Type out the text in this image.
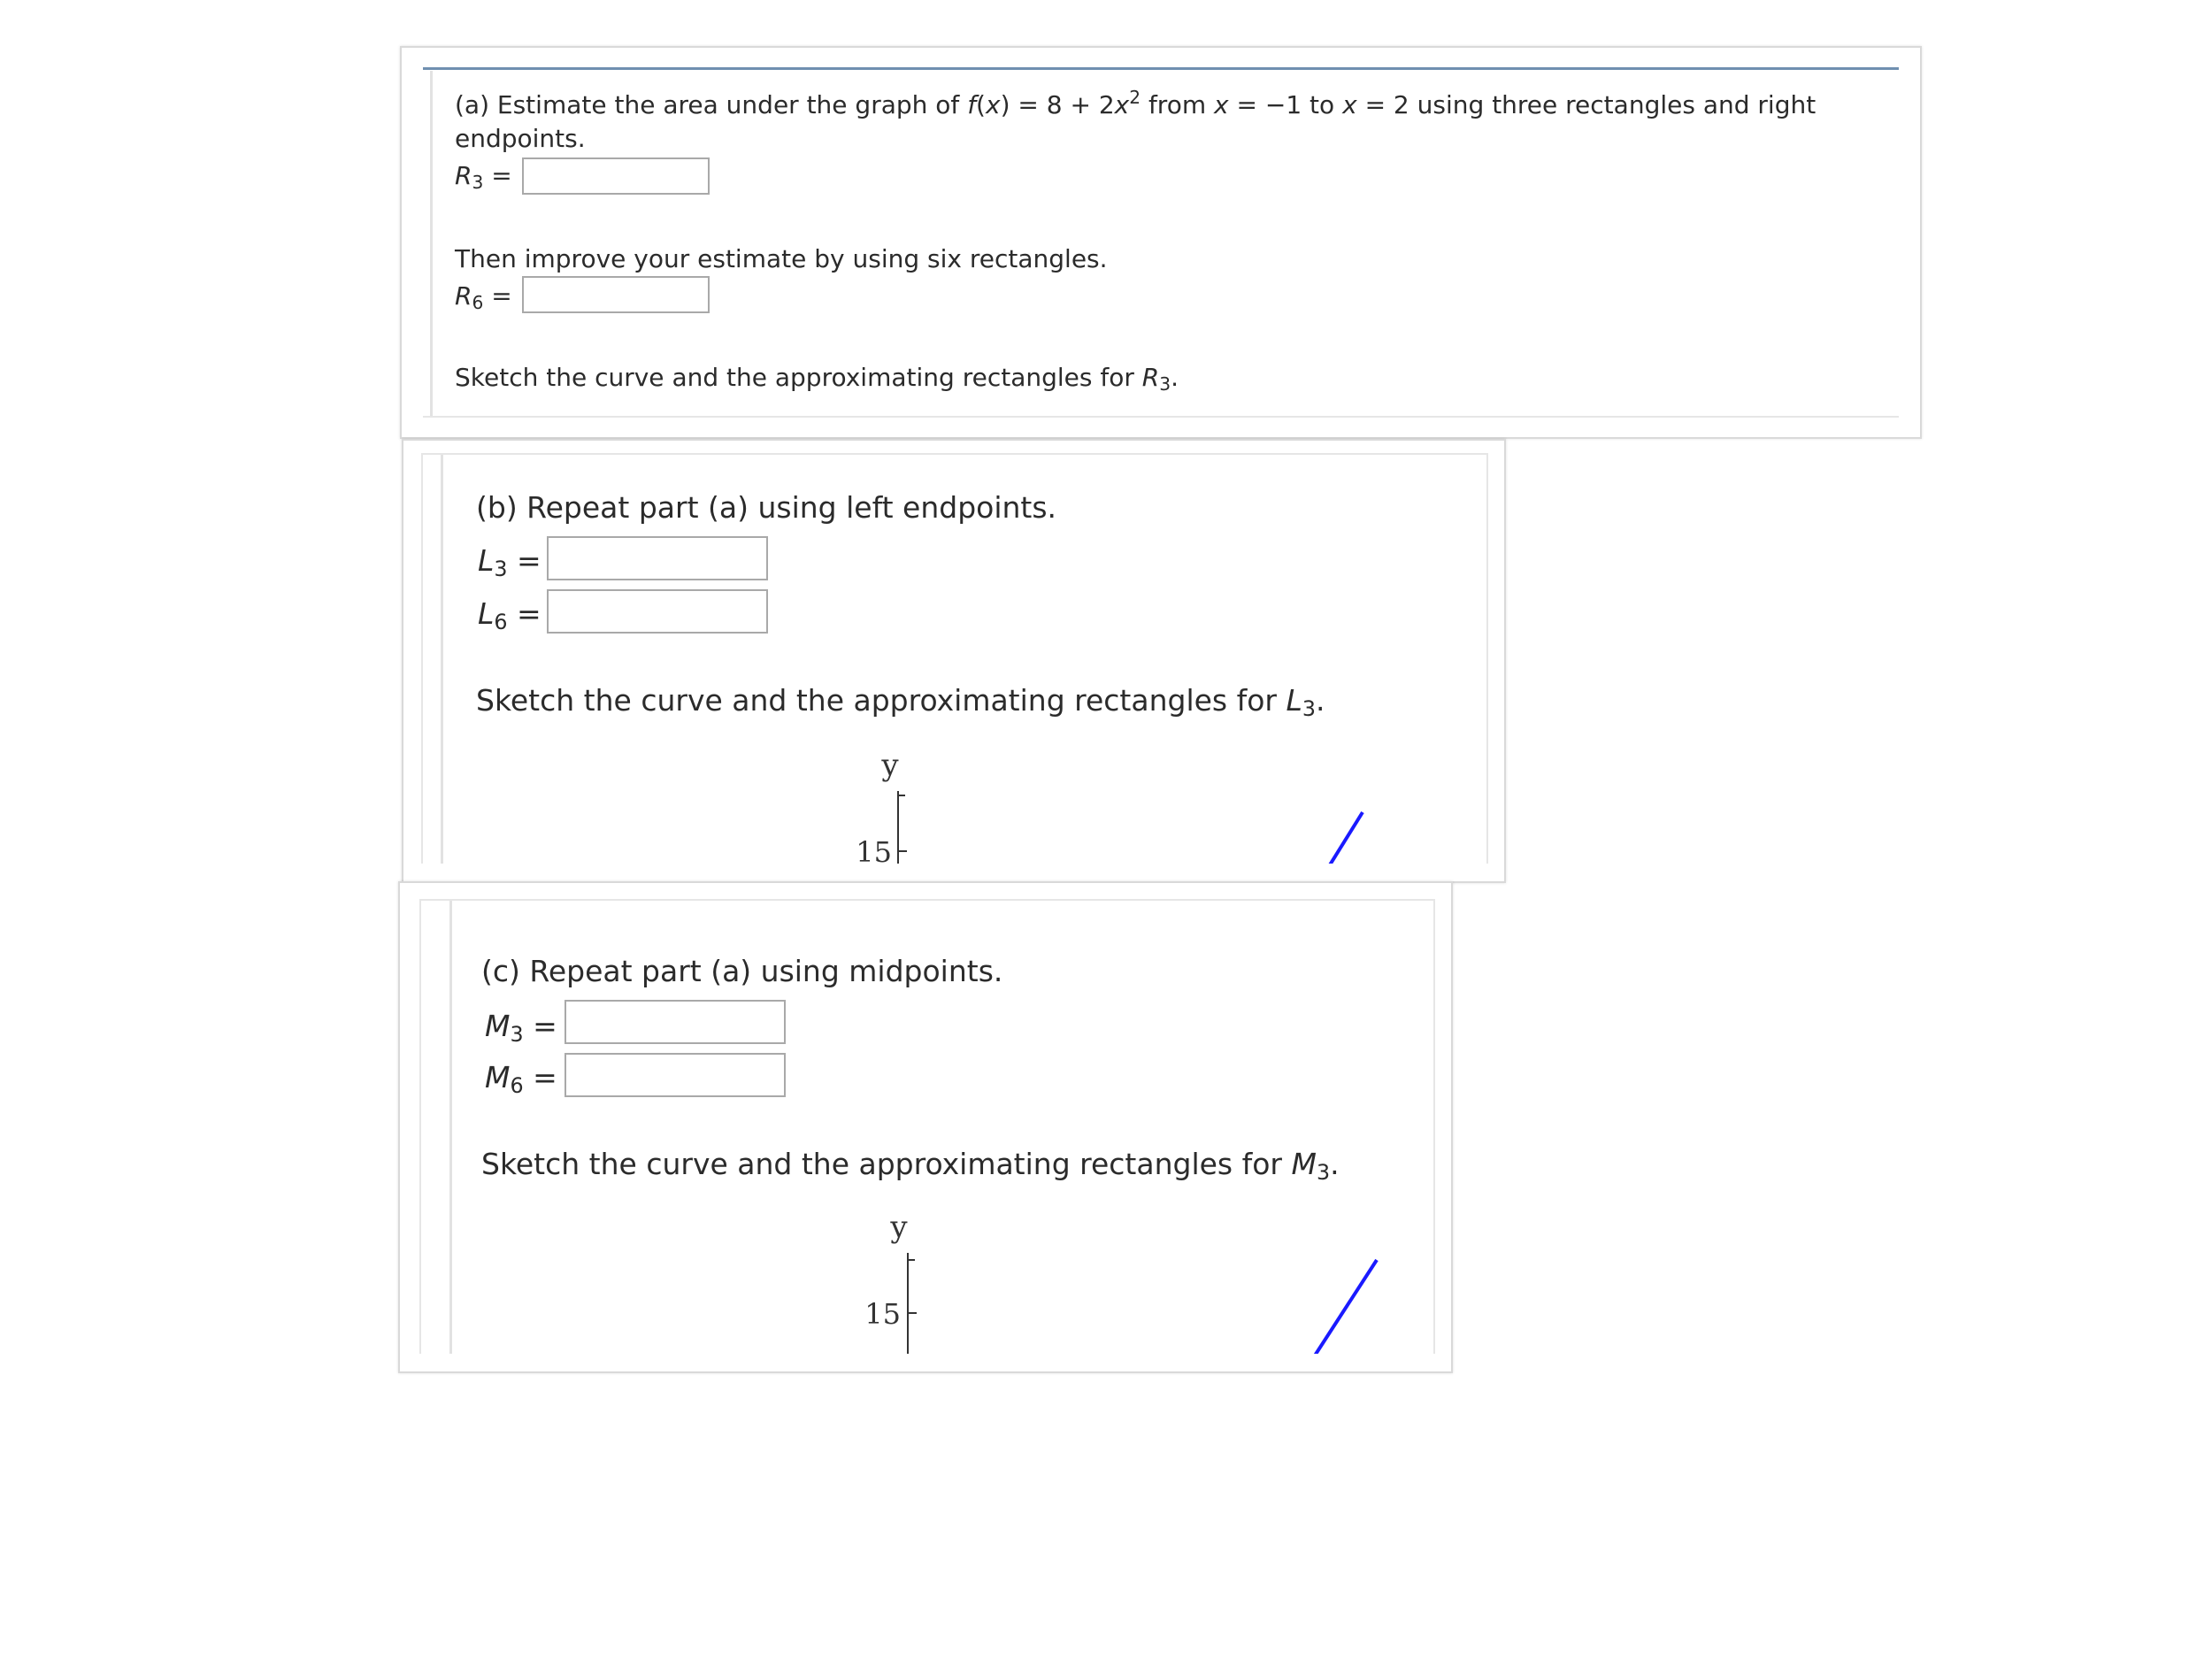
(a) Estimate the area under the graph of $f(x) = 8 + 2x^2$ from x = −1 to x = 2 using three rectangles and right
endpoints.
$R_3$ =
Then improve your estimate by using six rectangles.
$R_6$ =
Sketch the curve and the approximating rectangles for $R_3$.
(b) Repeat part (a) using left endpoints.
$L_3$ =
$L_6$ =
Sketch the curve and the approximating rectangles for $L_3$.
y
15
(c) Repeat part (a) using midpoints.
$M_3$ =
$M_6$ =
Sketch the curve and the approximating rectangles for $M_3$.
y
15
